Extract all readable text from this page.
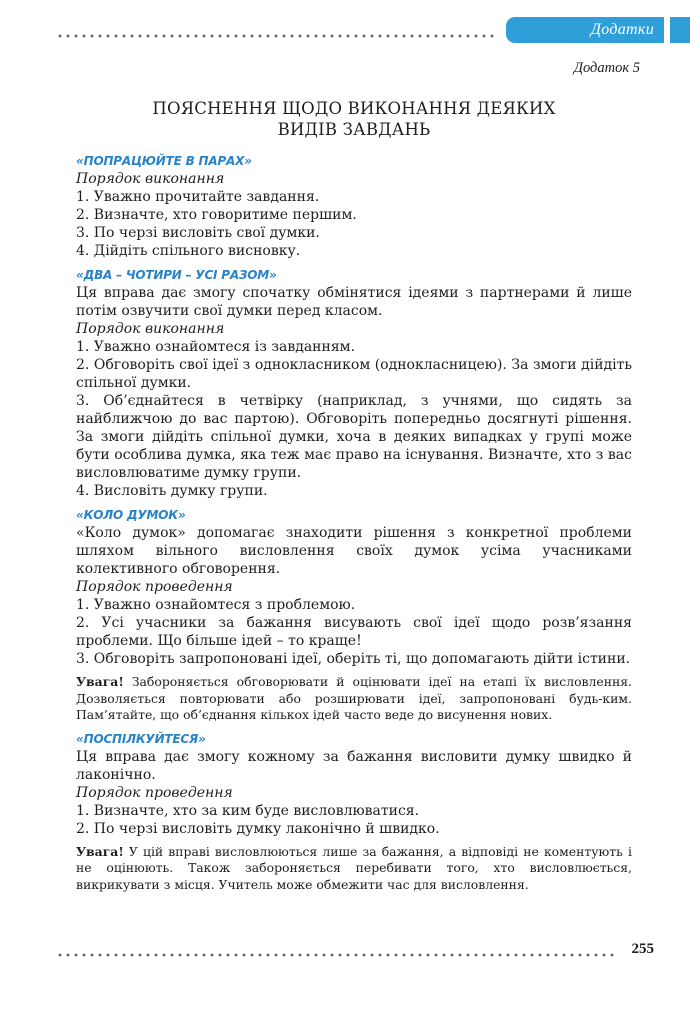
Додатки
Додаток 5
ПОЯСНЕННЯ ЩОДО ВИКОНАННЯ ДЕЯКИХ
ВИДІВ ЗАВДАНЬ
«ПОПРАЦЮЙТЕ В ПАРАХ»
Порядок виконання

1. Уважно прочитайте завдання.

2. Визначте, хто говоритиме першим.

3. По черзі висловіть свої думки.

4. Дійдіть спільного висновку.

«ДВА – ЧОТИРИ – УСІ РАЗОМ»

Ця вправа дає змогу спочатку обмінятися ідеями з партнерами й лише потім озвучити свої думки перед класом.

Порядок виконання

1. Уважно ознайомтеся із завданням.

2. Обговоріть свої ідеї з однокласником (однокласницею). За змоги дійдіть спільної думки.

3. Об’єднайтеся в четвірку (наприклад, з учнями, що сидять за найближчою до вас партою). Обговоріть попередньо досягнуті рішення. За змоги дійдіть спільної думки, хоча в деяких випадках у групі може бути особлива думка, яка теж має право на існування. Визначте, хто з вас висловлюватиме думку групи.

4. Висловіть думку групи.

«КОЛО ДУМОК»

«Коло думок» допомагає знаходити рішення з конкретної проблеми шляхом вільного висловлення своїх думок усіма учасниками колективного обговорення.

Порядок проведення

1. Уважно ознайомтеся з проблемою.

2. Усі учасники за бажання висувають свої ідеї щодо розв’язання проблеми. Що більше ідей – то краще!

3. Обговоріть запропоновані ідеї, оберіть ті, що допомагають дійти істини.

Увага! Забороняється обговорювати й оцінювати ідеї на етапі їх висловлення. Дозволяється повторювати або розширювати ідеї, запропоновані будь-ким. Пам’ятайте, що об’єднання кількох ідей часто веде до висунення нових.

«ПОСПІЛКУЙТЕСЯ»

Ця вправа дає змогу кожному за бажання висловити думку швидко й лаконічно.

Порядок проведення

1. Визначте, хто за ким буде висловлюватися.

2. По черзі висловіть думку лаконічно й швидко.

Увага! У цій вправі висловлюються лише за бажання, а відповіді не коментують і не оцінюють. Також забороняється перебивати того, хто висловлюється, викрикувати з місця. Учитель може обмежити час для висловлення.

255
